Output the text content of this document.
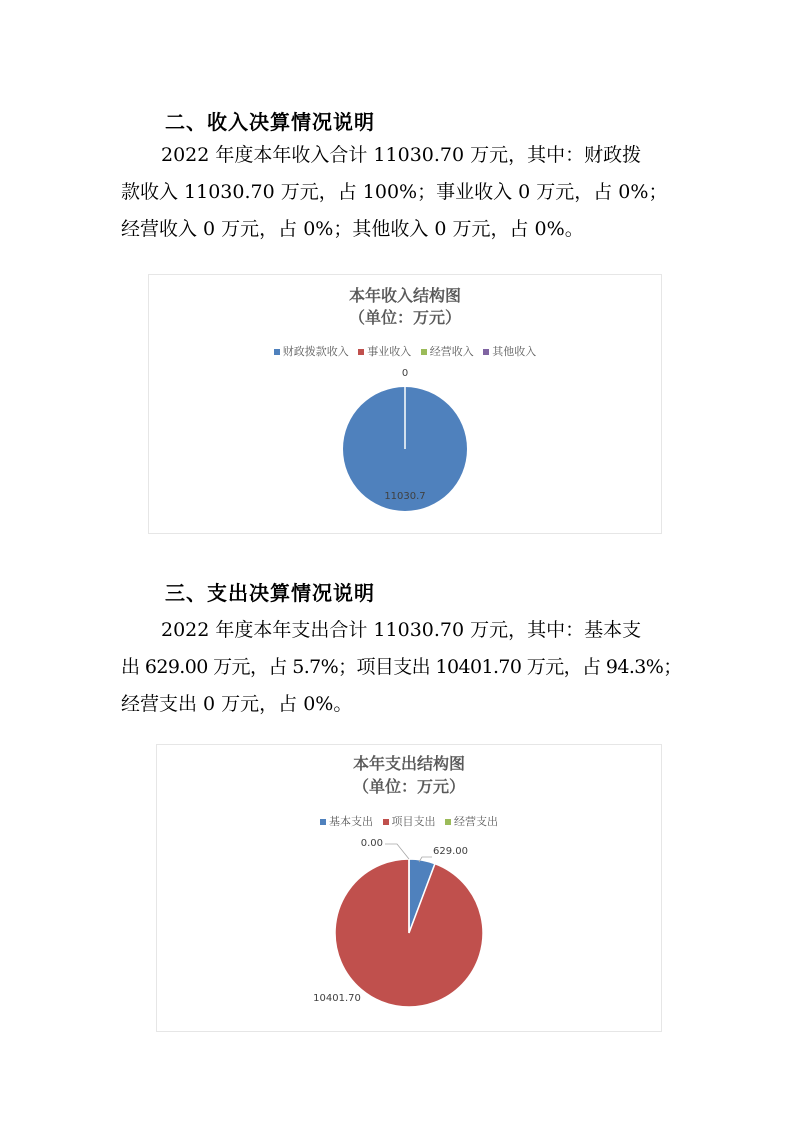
二、收入决算情况说明
2022 年度本年收入合计 11030.70 万元，其中：财政拨
款收入 11030.70 万元，占 100%；事业收入 0 万元，占 0%；
经营收入 0 万元，占 0%；其他收入 0 万元，占 0%。
本年收入结构图
（单位：万元）
财政拨款收入 事业收入 经营收入 其他收入
0
11030.7
三、支出决算情况说明
2022 年度本年支出合计 11030.70 万元，其中：基本支
出 629.00 万元，占 5.7%；项目支出 10401.70 万元，占 94.3%；
经营支出 0 万元，占 0%。
本年支出结构图
（单位：万元）
基本支出 项目支出 经营支出
629.00
0.00
10401.70
